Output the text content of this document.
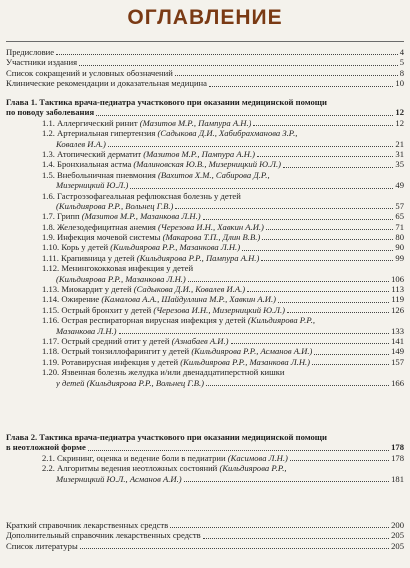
ОГЛАВЛЕНИЕ
Предисловие	4
Участники издания	5
Список сокращений и условных обозначений	8
Клинические рекомендации и доказательная медицина	10
Глава 1. Тактика врача-педиатра участкового при оказании медицинской помощи
по поводу заболевания	12
1.1. Аллергический ринит (Мазитов М.Р., Пампура А.Н.)	12
1.2. Артериальная гипертензия (Садыкова Д.И., Хабибрахманова З.Р.,
Ковалев И.А.)	21
1.3. Атопический дерматит (Мазитов М.Р., Пампура А.Н.)	31
1.4. Бронхиальная астма (Малиновская Ю.В., Мизерницкий Ю.Л.)	35
1.5. Внебольничная пневмония (Вахитов Х.М., Сабирова Д.Р.,
Мизерницкий Ю.Л.)	49
1.6. Гастроэзофагеальная рефлюксная болезнь у детей
(Кильдиярова Р.Р., Вольнец Г.В.)	57
1.7. Грипп (Мазитов М.Р., Мазанкова Л.Н.)	65
1.8. Железодефицитная анемия (Черезова И.Н., Хавкин А.И.)	71
1.9. Инфекция мочевой системы (Макарова Т.П., Длин В.В.)	80
1.10. Корь у детей (Кильдиярова Р.Р., Мазанкова Л.Н.)	90
1.11. Крапивница у детей (Кильдиярова Р.Р., Пампура А.Н.)	99
1.12. Менингококковая инфекция у детей
(Кильдиярова Р.Р., Мазанкова Л.Н.)	106
1.13. Миокардит у детей (Садыкова Д.И., Ковалев И.А.)	113
1.14. Ожирение (Камалова А.А., Шайдуллина М.Р., Хавкин А.И.)	119
1.15. Острый бронхит у детей (Черезова И.Н., Мизерницкий Ю.Л.)	126
1.16. Острая респираторная вирусная инфекция у детей (Кильдиярова Р.Р.,
Мазанкова Л.Н.)	133
1.17. Острый средний отит у детей (Азнабаев А.И.)	141
1.18. Острый тонзиллофарингит у детей (Кильдиярова Р.Р., Асманов А.И.)	149
1.19. Ротавирусная инфекция у детей (Кильдиярова Р.Р., Мазанкова Л.Н.)	157
1.20. Язвенная болезнь желудка и/или двенадцатиперстной кишки
у детей (Кильдиярова Р.Р., Вольнец Г.В.)	166
Глава 2. Тактика врача-педиатра участкового при оказании медицинской помощи
в неотложной форме	178
2.1. Скрининг, оценка и ведение боли в педиатрии (Касимова Л.Н.)	178
2.2. Алгоритмы ведения неотложных состояний (Кильдиярова Р.Р.,
Мизерницкий Ю.Л., Асманов А.И.)	181
Краткий справочник лекарственных средств	200
Дополнительный справочник лекарственных средств	205
Список литературы	205
